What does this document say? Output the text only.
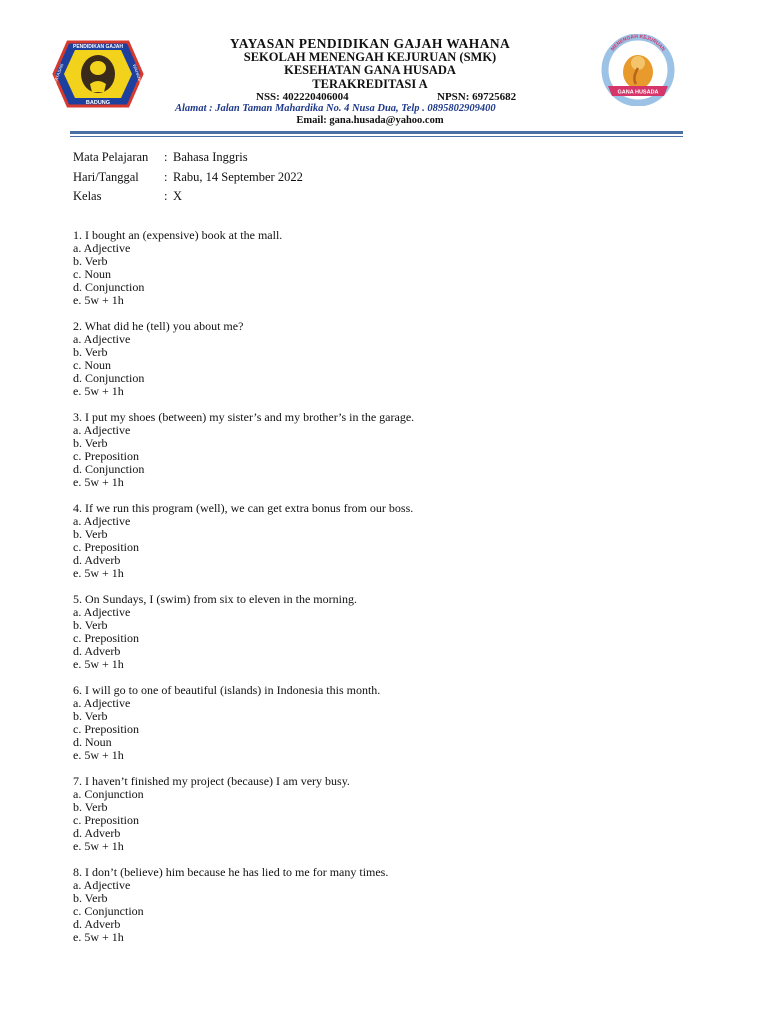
PENDIDIKAN GAJAH
YAYASAN	WAHANA
BADUNG
YAYASAN PENDIDIKAN GAJAH WAHANA
SEKOLAH MENENGAH KEJURUAN (SMK)
KESEHATAN GANA HUSADA
TERAKREDITASI A
NSS: 402220406004	NPSN: 69725682
Alamat : Jalan Taman Mahardika No. 4 Nusa Dua, Telp . 0895802909400
Email: gana.husada@yahoo.com
MENENGAH KEJURUAN
GANA HUSADA
Mata Pelajaran	: Bahasa Inggris
Hari/Tanggal	: Rabu, 14 September 2022
Kelas	: X
1. I bought an (expensive) book at the mall.
a. Adjective
b. Verb
c. Noun
d. Conjunction
e. 5w + 1h
2. What did he (tell) you about me?
a. Adjective
b. Verb
c. Noun
d. Conjunction
e. 5w + 1h
3. I put my shoes (between) my sister’s and my brother’s in the garage.
a. Adjective
b. Verb
c. Preposition
d. Conjunction
e. 5w + 1h
4. If we run this program (well), we can get extra bonus from our boss.
a. Adjective
b. Verb
c. Preposition
d. Adverb
e. 5w + 1h
5. On Sundays, I (swim) from six to eleven in the morning.
a. Adjective
b. Verb
c. Preposition
d. Adverb
e. 5w + 1h
6. I will go to one of beautiful (islands) in Indonesia this month.
a. Adjective
b. Verb
c. Preposition
d. Noun
e. 5w + 1h
7. I haven’t finished my project (because) I am very busy.
a. Conjunction
b. Verb
c. Preposition
d. Adverb
e. 5w + 1h
8. I don’t (believe) him because he has lied to me for many times.
a. Adjective
b. Verb
c. Conjunction
d. Adverb
e. 5w + 1h
